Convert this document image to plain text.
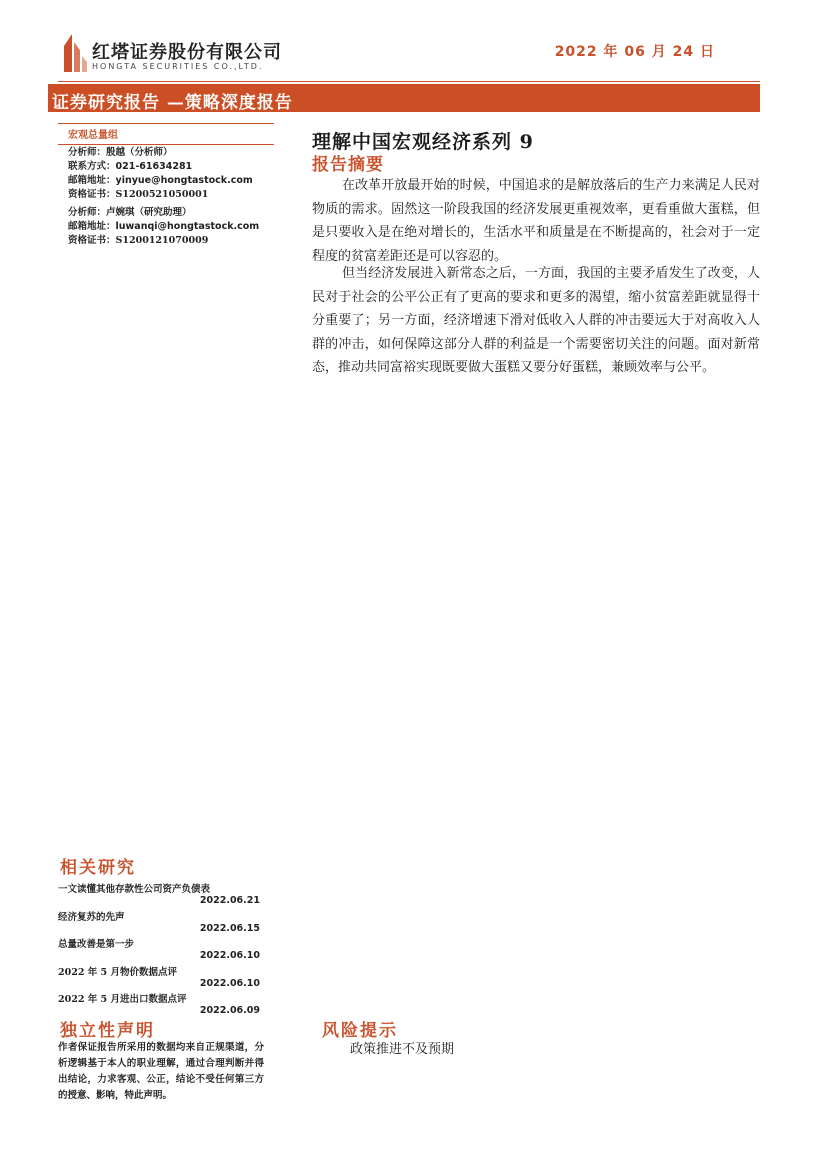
红塔证券股份有限公司
HONGTA SECURITIES CO.,LTD.
2022 年 06 月 24 日
证券研究报告 —策略深度报告
宏观总量组
分析师：殷越（分析师）
联系方式：021-61634281
邮箱地址：yinyue@hongtastock.com
资格证书：S1200521050001
分析师：卢婉琪（研究助理）
邮箱地址：luwanqi@hongtastock.com
资格证书：S1200121070009
理解中国宏观经济系列 9
报告摘要
在改革开放最开始的时候，中国追求的是解放落后的生产力来满足人民对物质的需求。固然这一阶段我国的经济发展更重视效率，更看重做大蛋糕，但是只要收入是在绝对增长的，生活水平和质量是在不断提高的，社会对于一定程度的贫富差距还是可以容忍的。
但当经济发展进入新常态之后，一方面，我国的主要矛盾发生了改变，人民对于社会的公平公正有了更高的要求和更多的渴望，缩小贫富差距就显得十分重要了；另一方面，经济增速下滑对低收入人群的冲击要远大于对高收入人群的冲击，如何保障这部分人群的利益是一个需要密切关注的问题。面对新常态，推动共同富裕实现既要做大蛋糕又要分好蛋糕，兼顾效率与公平。
相关研究
一文读懂其他存款性公司资产负债表
2022.06.21
经济复苏的先声
2022.06.15
总量改善是第一步
2022.06.10
2022 年 5 月物价数据点评
2022.06.10
2022 年 5 月进出口数据点评
2022.06.09
独立性声明
作者保证报告所采用的数据均来自正规渠道，分析逻辑基于本人的职业理解，通过合理判断并得出结论，力求客观、公正，结论不受任何第三方的授意、影响，特此声明。
风险提示
政策推进不及预期
